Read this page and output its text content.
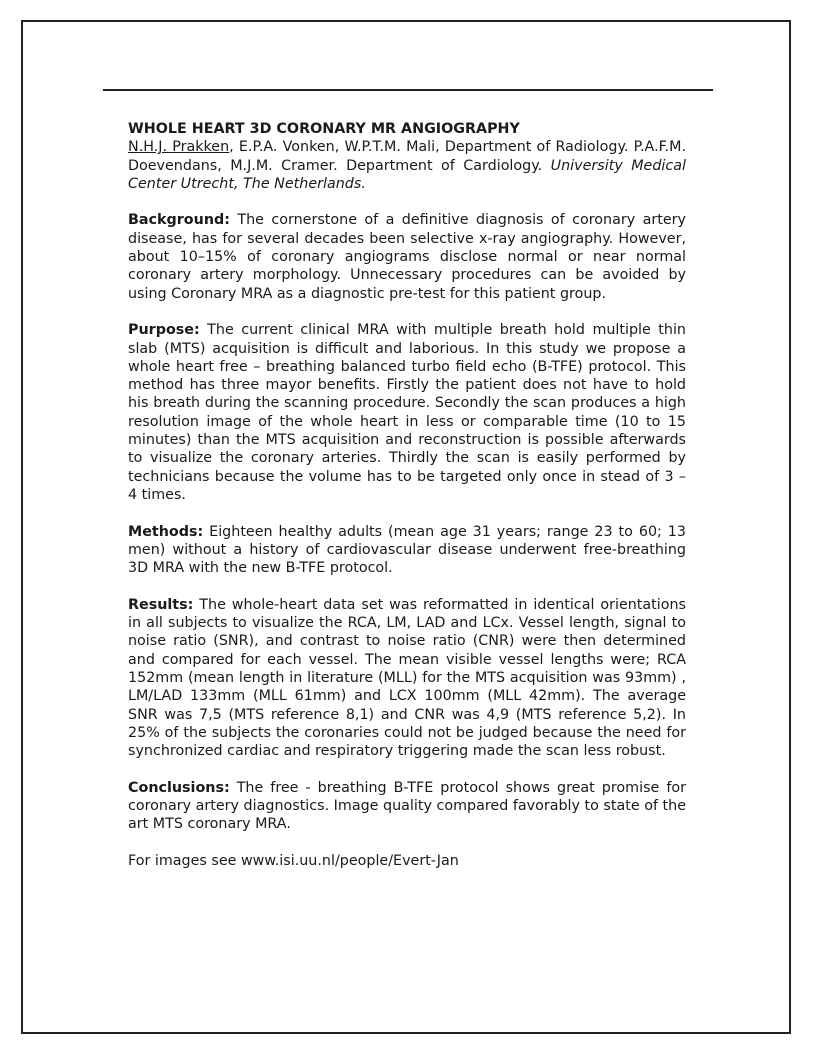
WHOLE HEART 3D CORONARY MR ANGIOGRAPHY
N.H.J. Prakken, E.P.A. Vonken, W.P.T.M. Mali, Department of Radiology. P.A.F.M. Doevendans, M.J.M. Cramer. Department of Cardiology. University Medical Center Utrecht, The Netherlands.

Background: The cornerstone of a definitive diagnosis of coronary artery disease, has for several decades been selective x-ray angiography. However, about 10–15% of coronary angiograms disclose normal or near normal coronary artery morphology. Unnecessary procedures can be avoided by using Coronary MRA as a diagnostic pre-test for this patient group.

Purpose: The current clinical MRA with multiple breath hold multiple thin slab (MTS) acquisition is difficult and laborious. In this study we propose a whole heart free – breathing balanced turbo field echo (B-TFE) protocol. This method has three mayor benefits. Firstly the patient does not have to hold his breath during the scanning procedure. Secondly the scan produces a high resolution image of the whole heart in less or comparable time (10 to 15 minutes) than the MTS acquisition and reconstruction is possible afterwards to visualize the coronary arteries. Thirdly the scan is easily performed by technicians because the volume has to be targeted only once in stead of 3 – 4 times.

Methods: Eighteen healthy adults (mean age 31 years; range 23 to 60; 13 men) without a history of cardiovascular disease underwent free-breathing 3D MRA with the new B-TFE protocol.

Results: The whole-heart data set was reformatted in identical orientations in all subjects to visualize the RCA, LM, LAD and LCx. Vessel length, signal to noise ratio (SNR), and contrast to noise ratio (CNR) were then determined and compared for each vessel. The mean visible vessel lengths were; RCA 152mm (mean length in literature (MLL) for the MTS acquisition was 93mm) , LM/LAD 133mm (MLL 61mm) and LCX 100mm (MLL 42mm). The average SNR was 7,5 (MTS reference 8,1) and CNR was 4,9 (MTS reference 5,2). In 25% of the subjects the coronaries could not be judged because the need for synchronized cardiac and respiratory triggering made the scan less robust.

Conclusions: The free - breathing B-TFE protocol shows great promise for coronary artery diagnostics. Image quality compared favorably to state of the art MTS coronary MRA.

For images see www.isi.uu.nl/people/Evert-Jan
